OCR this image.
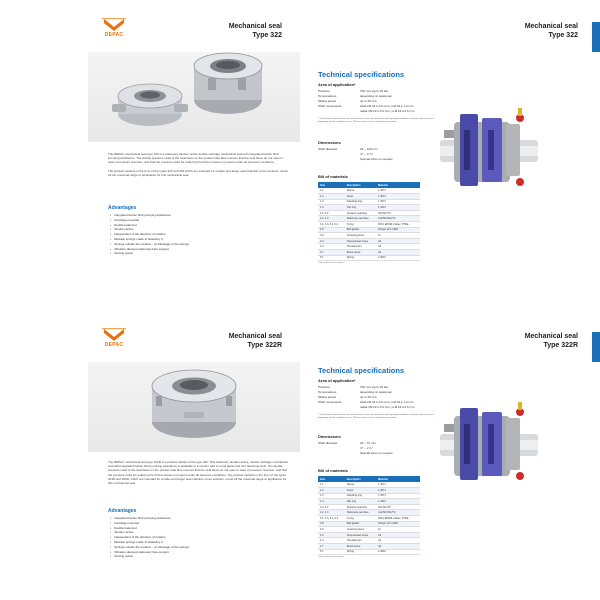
DEPAC
Mechanical seal
Type 322

The DEPAC mechanical seal type 322 is a stationary tandem active double cartridge mechanical seal with integrated barrier fluid pumping assistance. The double pressure relief of the seal faces on the product side also ensures that the seal faces do not open in case of pressure reversal - and that the pressure relief for reducing the friction losses is present under all pressure conditions.

The product variants in the form of the types 323 and 325 which are intended for smaller and larger seal chamber cross sections, round off the universal range of application for this mechanical seal.

Advantages
• Integrated barrier fluid pumping assistance
• Cartridge-mounted
• Double balanced
• Tandem active
• Independent of the direction of rotation
• Modular springs made of Hastelloy C
• Springs outside the medium - no blockage of the springs
• Vibration-damped stationary face support
• Venting option
Mechanical seal
Type 322
Technical specifications
Area of application*
Pressure	700 mm Hg to 25 bar
Temperatures	depending on elastomer
Sliding speed	up to 25 m/s
Shaft movements	axial ±M 22 ≤ 0.5 mm | ≥ Ø 24 ≤ 1.0 mm
radial ±M 22 ≤ 0.4 mm | ≥ Ø 24 ≤ 0.5 mm
* The technical specifications for the parameters given are based on ideal operating conditions and may vary from these depending on the conditions of use. Please contact us for a detailed assessment.
Dimensions
Shaft diameter	24 – 100 mm
⅝" – 4 ½"
Special sizes on request
Bill of materials
Item	Description	Material
1.1	Sleeve	1.4571
1.2	Cover	1.4571
1.3	Adjusting ring	1.4571
1.4	Clip ring	1.4310
1.5, 3.2	Dynamic seal face	SiC/SiC/TC
2.2, 2.3	Stationary seal face	Car/SiC/SiC/TC
3.1, 3.3, 3.4, 4.4	O-ring	FKM, EPDM, Kalrez, PTFE...
4.8	Bolt gasket	Klinger sil C-4400
4.9	Centering piece	Al
4.3	Cheesehead screw	A2
4.4	Threaded pin	A2
4.7	Brass screw	A2
5.1	Spring	2.4610
Other materials on request.
DEPAC
Mechanical seal
Type 322R

The DEPAC mechanical seal type 322R is a product variant of the type 322. This stationary tandem active, double cartridge mechanical seal with integrated barrier fluid pumping assistance is available in a version with a round gland and four fastening slots. The double pressure relief of the seal faces on the product side also ensures that the seal faces do not open in case of pressure reversal - and that the pressure relief for reducing the friction losses is present under all pressure conditions. The product variants in the form of the types 323R and 325R, which are intended for smaller and larger seal chamber cross sections, round off the universal range of application for this mechanical seal.

Advantages
• Integrated barrier fluid pumping assistance
• Cartridge-mounted
• Double balanced
• Tandem active
• Independent of the direction of rotation
• Modular springs made of Hastelloy C
• Springs outside the medium - no blockage of the springs
• Vibration-damped stationary face support
• Venting option
Mechanical seal
Type 322R
Technical specifications
Area of application*
Pressure	700 mm Hg to 25 bar
Temperatures	depending on elastomer
Sliding speed	up to 25 m/s
Shaft movements	axial ±M 22 ≤ 0.5 mm | ≥ Ø 24 ≤ 1.0 mm
radial ±M 22 ≤ 0.4 mm | ≥ Ø 24 ≤ 0.5 mm
* The technical specifications for the parameters given are based on ideal operating conditions and may vary from these depending on the conditions of use. Please contact us for a detailed assessment.
Dimensions
Shaft diameter	24 – 70 mm
⅝" – 2 ¾"
Special sizes on request
Bill of materials
Item	Description	Material
1.1	Sleeve	1.4571
1.2	Cover	1.4571
1.3	Adjusting ring	1.4571
1.4	Clip ring	1.4310
1.5, 3.2	Dynamic seal face	SiC/SiC/TC
2.2, 2.3	Stationary seal face	Car/SiC/SiC/TC
3.1, 3.3, 3.4, 4.4	O-ring	FKM, EPDM, Kalrez, PTFE...
4.8	Bolt gasket	Klinger sil C-4400
4.9	Centering piece	Al
4.3	Cheesehead screw	A2
4.4	Threaded pin	A2
4.7	Brass screw	A2
5.1	Spring	2.4610
Other materials on request.
